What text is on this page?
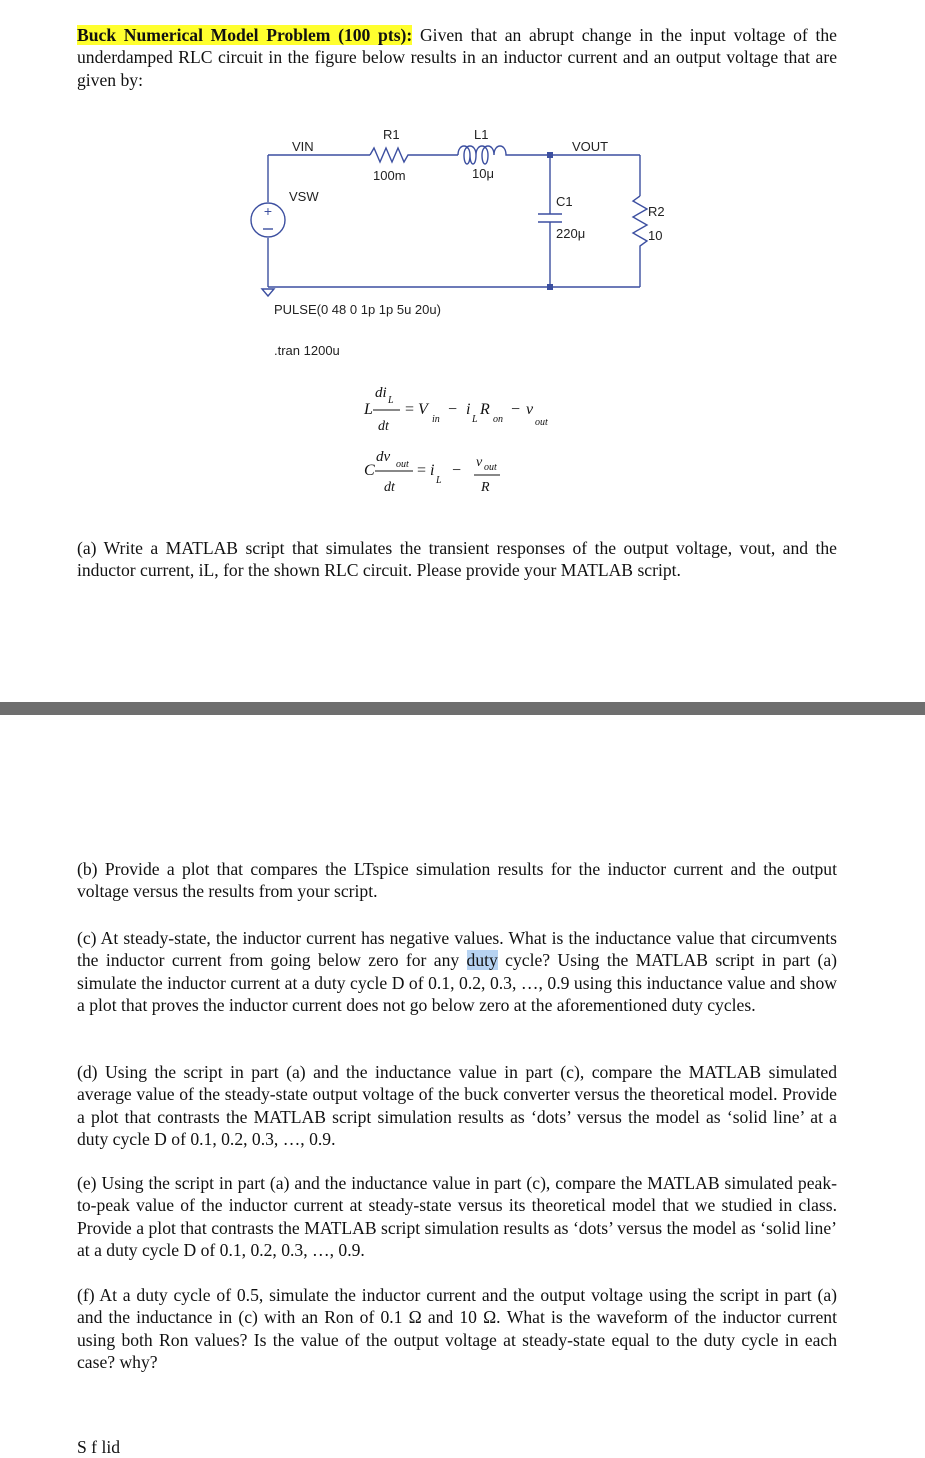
Buck Numerical Model Problem (100 pts): Given that an abrupt change in the input voltage of the underdamped RLC circuit in the figure below results in an inductor current and an output voltage that are given by:
+
VIN
R1
100m
L1
10μ
VOUT
VSW	C1
220μ
R2
10
PULSE(0 48 0 1p 1p 5u 20u)
.tran 1200u
L
di L
dt
= V
in
− i
L
R
on
− v
out
C
dv out
dt
= i
L
− v out
R
(a) Write a MATLAB script that simulates the transient responses of the output voltage, vout, and the inductor current, iL, for the shown RLC circuit. Please provide your MATLAB script.
(b) Provide a plot that compares the LTspice simulation results for the inductor current and the output voltage versus the results from your script.
(c) At steady-state, the inductor current has negative values. What is the inductance value that circumvents the inductor current from going below zero for any duty cycle? Using the MATLAB script in part (a) simulate the inductor current at a duty cycle D of 0.1, 0.2, 0.3, …, 0.9 using this inductance value and show a plot that proves the inductor current does not go below zero at the aforementioned duty cycles.
(d) Using the script in part (a) and the inductance value in part (c), compare the MATLAB simulated average value of the steady-state output voltage of the buck converter versus the theoretical model. Provide a plot that contrasts the MATLAB script simulation results as ‘dots’ versus the model as ‘solid line’ at a duty cycle D of 0.1, 0.2, 0.3, …, 0.9.
(e) Using the script in part (a) and the inductance value in part (c), compare the MATLAB simulated peak-to-peak value of the inductor current at steady-state versus its theoretical model that we studied in class. Provide a plot that contrasts the MATLAB script simulation results as ‘dots’ versus the model as ‘solid line’ at a duty cycle D of 0.1, 0.2, 0.3, …, 0.9.
(f) At a duty cycle of 0.5, simulate the inductor current and the output voltage using the script in part (a) and the inductance in (c) with an Ron of 0.1 Ω and 10 Ω. What is the waveform of the inductor current using both Ron values? Is the value of the output voltage at steady-state equal to the duty cycle in each case? why?
S f lid
